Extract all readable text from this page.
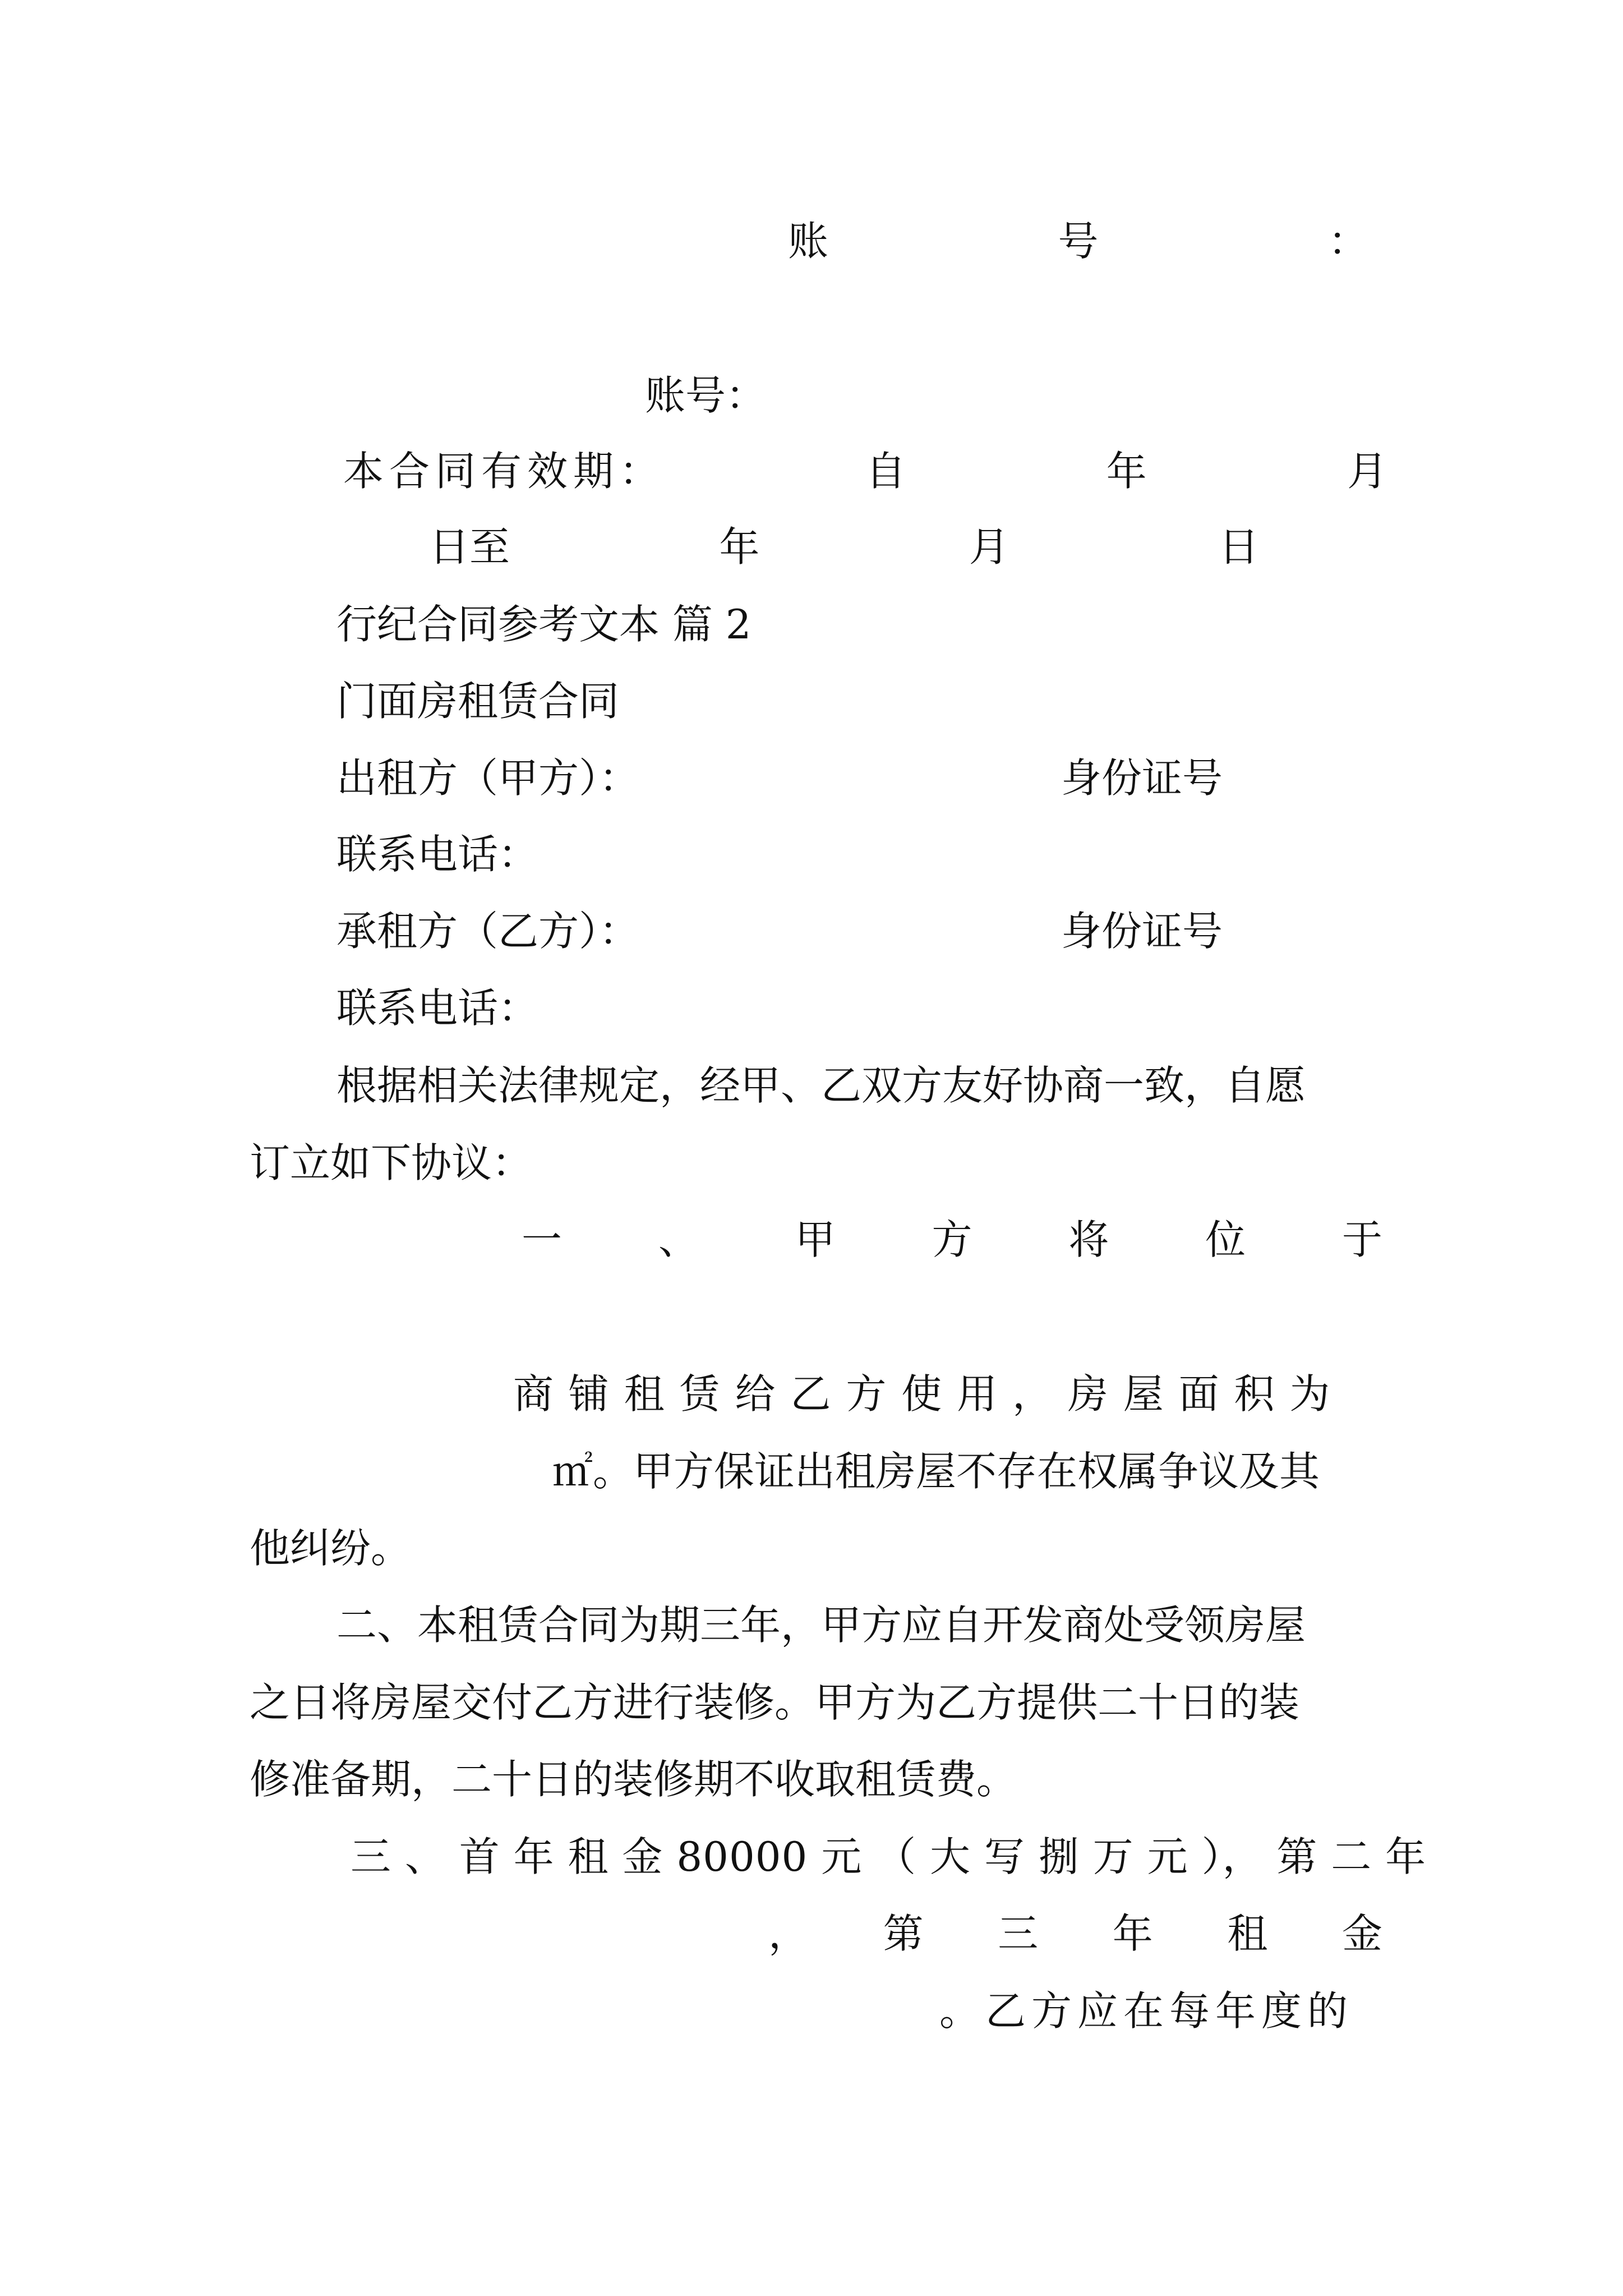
账	号	：
账号：
本合同有效期：	自	年	月
日至	年	月	日
行纪合同参考文本 篇 2
门面房租赁合同
出租方（甲方）：	身份证号
联系电话：
承租方（乙方）：	身份证号
联系电话：
根据相关法律规定，经甲、乙双方友好协商一致，自愿
订立如下协议：
一 、 甲 方 将 位 于
商 铺 租 赁 给 乙 方 使 用 ， 房 屋 面 积 为
㎡。甲方保证出租房屋不存在权属争议及其
他纠纷。
二、本租赁合同为期三年，甲方应自开发商处受领房屋
之日将房屋交付乙方进行装修。甲方为乙方提供二十日的装
修准备期，二十日的装修期不收取租赁费。
三 、 首 年 租 金 80000 元 （ 大 写 捌 万 元 ）， 第 二 年
， 第 三 年 租 金
。乙方应在每年度的
